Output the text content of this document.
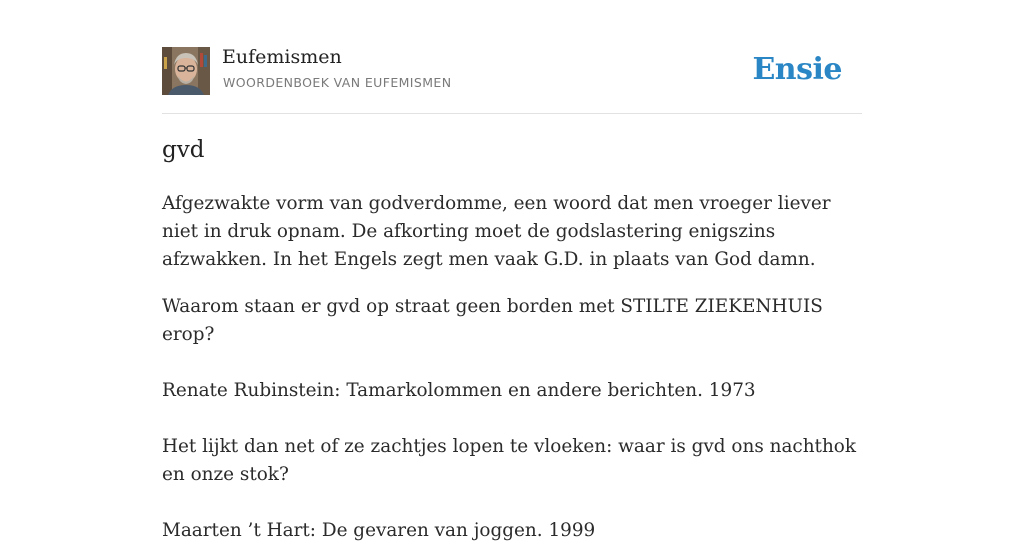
Eufemismen
WOORDENBOEK VAN EUFEMISMEN	Ensie
gvd

Afgezwakte vorm van godverdomme, een woord dat men vroeger liever niet in druk opnam. De afkorting moet de godslastering enigszins afzwakken. In het Engels zegt men vaak G.D. in plaats van God damn.

Waarom staan er gvd op straat geen borden met STILTE ZIEKENHUIS erop?

Renate Rubinstein: Tamarkolommen en andere berichten. 1973

Het lijkt dan net of ze zachtjes lopen te vloeken: waar is gvd ons nachthok en onze stok?

Maarten ’t Hart: De gevaren van joggen. 1999
